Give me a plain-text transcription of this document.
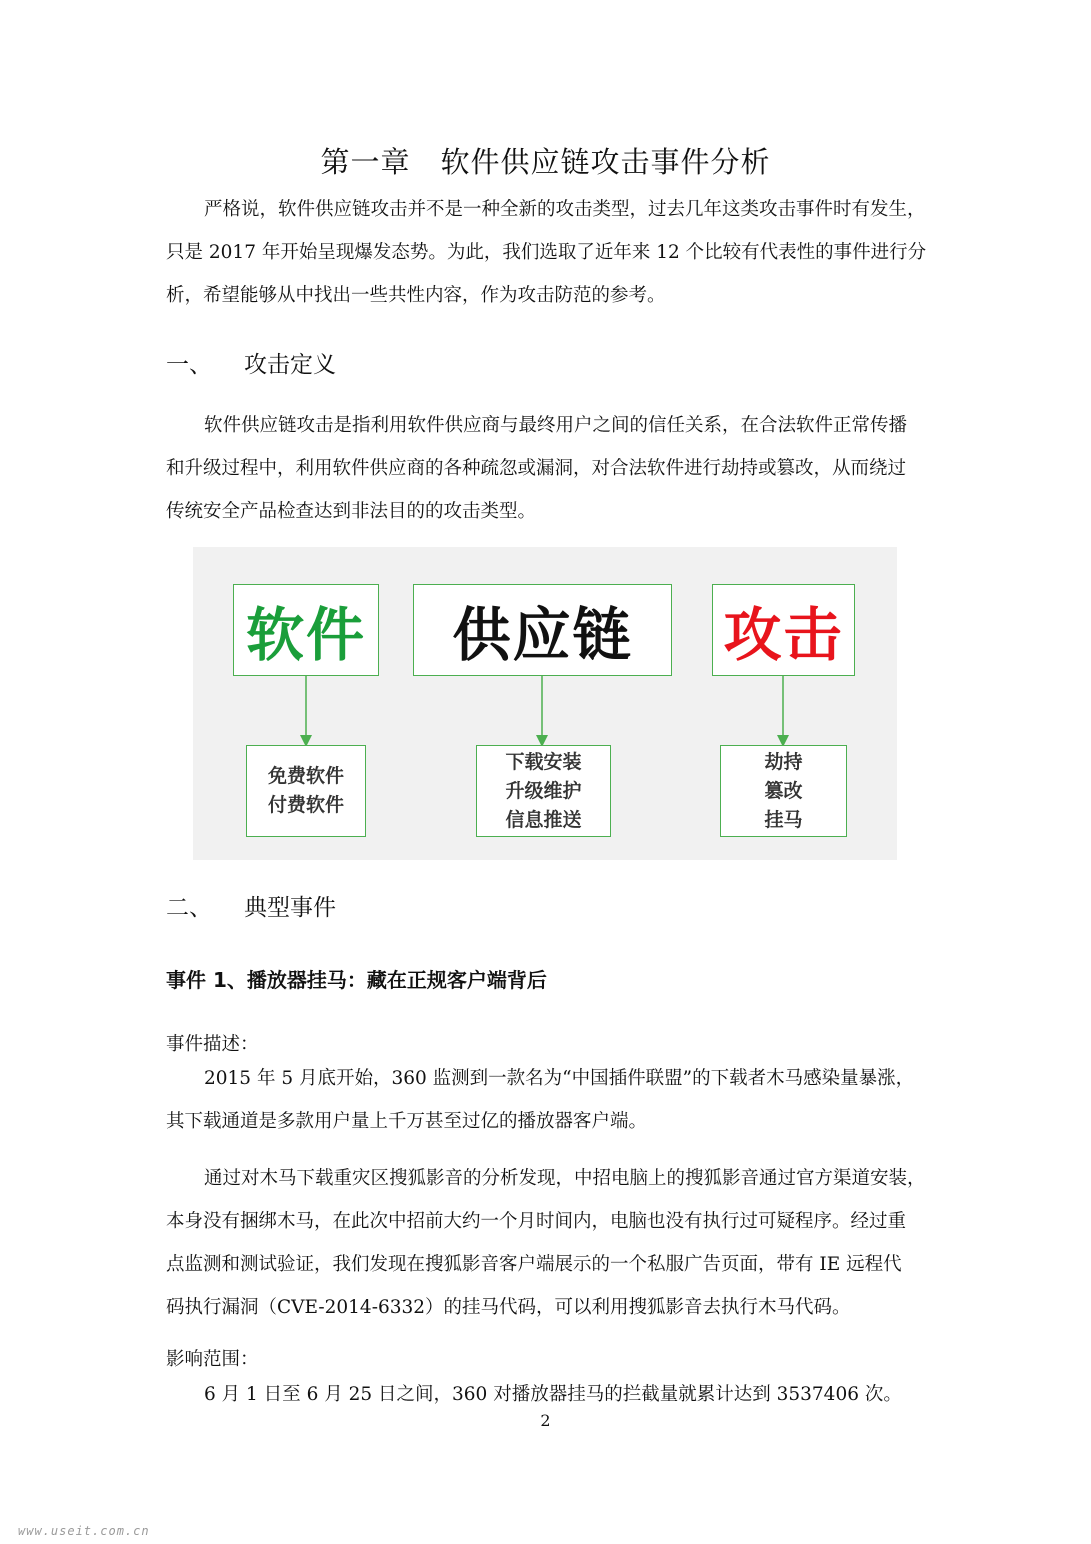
第一章　软件供应链攻击事件分析

严格说，软件供应链攻击并不是一种全新的攻击类型，过去几年这类攻击事件时有发生，
只是 2017 年开始呈现爆发态势。为此，我们选取了近年来 12 个比较有代表性的事件进行分
析，希望能够从中找出一些共性内容，作为攻击防范的参考。

一、 攻击定义

软件供应链攻击是指利用软件供应商与最终用户之间的信任关系，在合法软件正常传播
和升级过程中，利用软件供应商的各种疏忽或漏洞，对合法软件进行劫持或篡改，从而绕过
传统安全产品检查达到非法目的的攻击类型。

软件 供应链 攻击
免费软件
付费软件
下载安装
升级维护
信息推送
劫持
篡改
挂马
二、 典型事件
事件 1、播放器挂马：藏在正规客户端背后
事件描述：

2015 年 5 月底开始，360 监测到一款名为“中国插件联盟”的下载者木马感染量暴涨，
其下载通道是多款用户量上千万甚至过亿的播放器客户端。

通过对木马下载重灾区搜狐影音的分析发现，中招电脑上的搜狐影音通过官方渠道安装，
本身没有捆绑木马，在此次中招前大约一个月时间内，电脑也没有执行过可疑程序。经过重
点监测和测试验证，我们发现在搜狐影音客户端展示的一个私服广告页面，带有 IE 远程代
码执行漏洞（CVE-2014-6332）的挂马代码，可以利用搜狐影音去执行木马代码。

影响范围：
6 月 1 日至 6 月 25 日之间，360 对播放器挂马的拦截量就累计达到 3537406 次。
2
www.useit.com.cn
